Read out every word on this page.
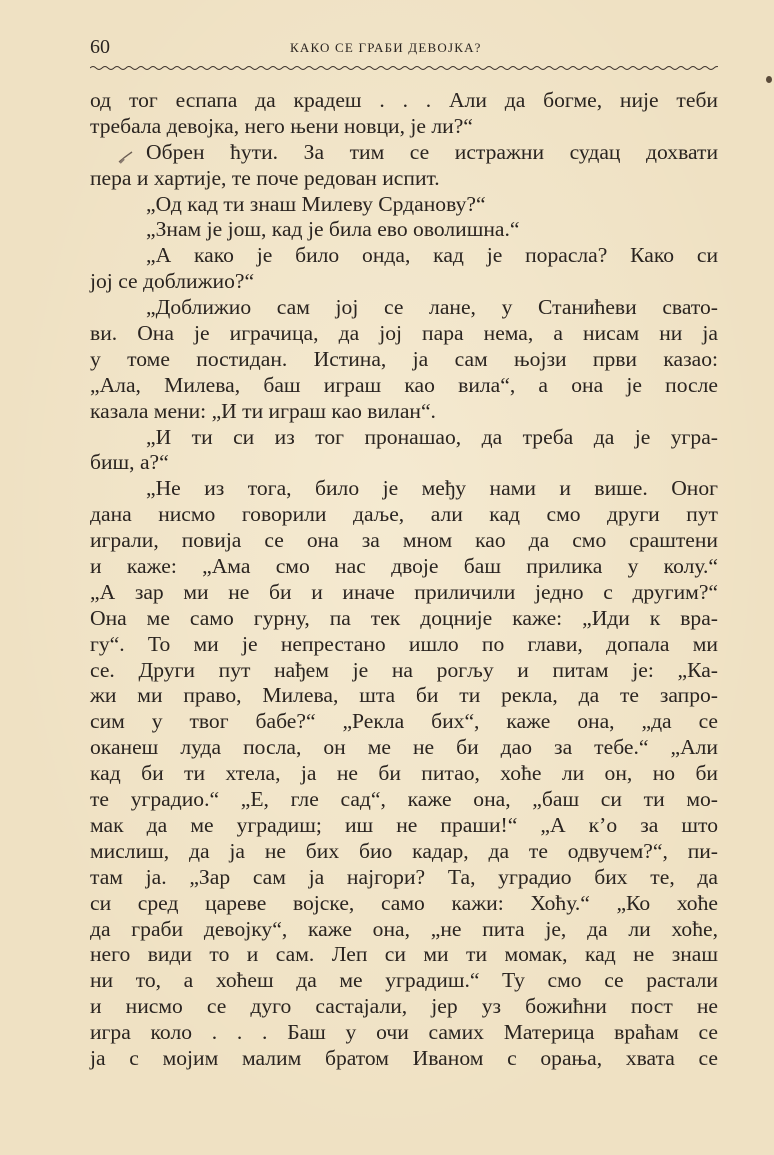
60	КАКО СЕ ГРАБИ ДЕВОЈКА?
од тог еспапа да крадеш . . . Али да богме, није теби
требала девојка, него њени новци, је ли?“
Обрен ћути. За тим се истражни судац дохвати
пера и хартије, те поче редован испит.
„Од кад ти знаш Милеву Срданову?“
„Знам је још, кад је била ево оволишна.“
„А како је било онда, кад је порасла? Како си
јој се доближио?“
„Доближио сам јој се лане, у Станићеви свато-
ви. Она је играчица, да јој пара нема, а нисам ни ја
у томе постидан. Истина, ја сам њојзи први казао:
„Ала, Милева, баш играш као вила“, а она је после
казала мени: „И ти играш као вилан“.
„И ти си из тог пронашао, да треба да је угра-
биш, а?“
„Не из тога, било је међу нами и више. Оног
дана нисмо говорили даље, али кад смо други пут
играли, повија се она за мном као да смо сраштени
и каже: „Ама смо нас двоје баш прилика у колу.“
„А зар ми не би и иначе приличили једно с другим?“
Она ме само гурну, па тек доцније каже: „Иди к вра-
гу“. То ми је непрестано ишло по глави, допала ми
се. Други пут нађем је на рогљу и питам је: „Ка-
жи ми право, Милева, шта би ти рекла, да те запро-
сим у твог бабе?“ „Рекла бих“, каже она, „да се
оканеш луда посла, он ме не би дао за тебе.“ „Али
кад би ти хтела, ја не би питао, хоће ли он, но би
те уградио.“ „Е, гле сад“, каже она, „баш си ти мо-
мак да ме уградиш; иш не праши!“ „А к’о за што
мислиш, да ја не бих био кадар, да те одвучем?“, пи-
там ја. „Зар сам ја најгори? Та, уградио бих те, да
си сред цареве војске, само кажи: Хоћу.“ „Ко хоће
да граби девојку“, каже она, „не пита је, да ли хоће,
него види то и сам. Леп си ми ти момак, кад не знаш
ни то, а хоћеш да ме уградиш.“ Ту смо се растали
и нисмо се дуго састајали, јер уз божићни пост не
игра коло . . . Баш у очи самих Материца враћам се
ја с мојим малим братом Иваном с орања, хвата се
